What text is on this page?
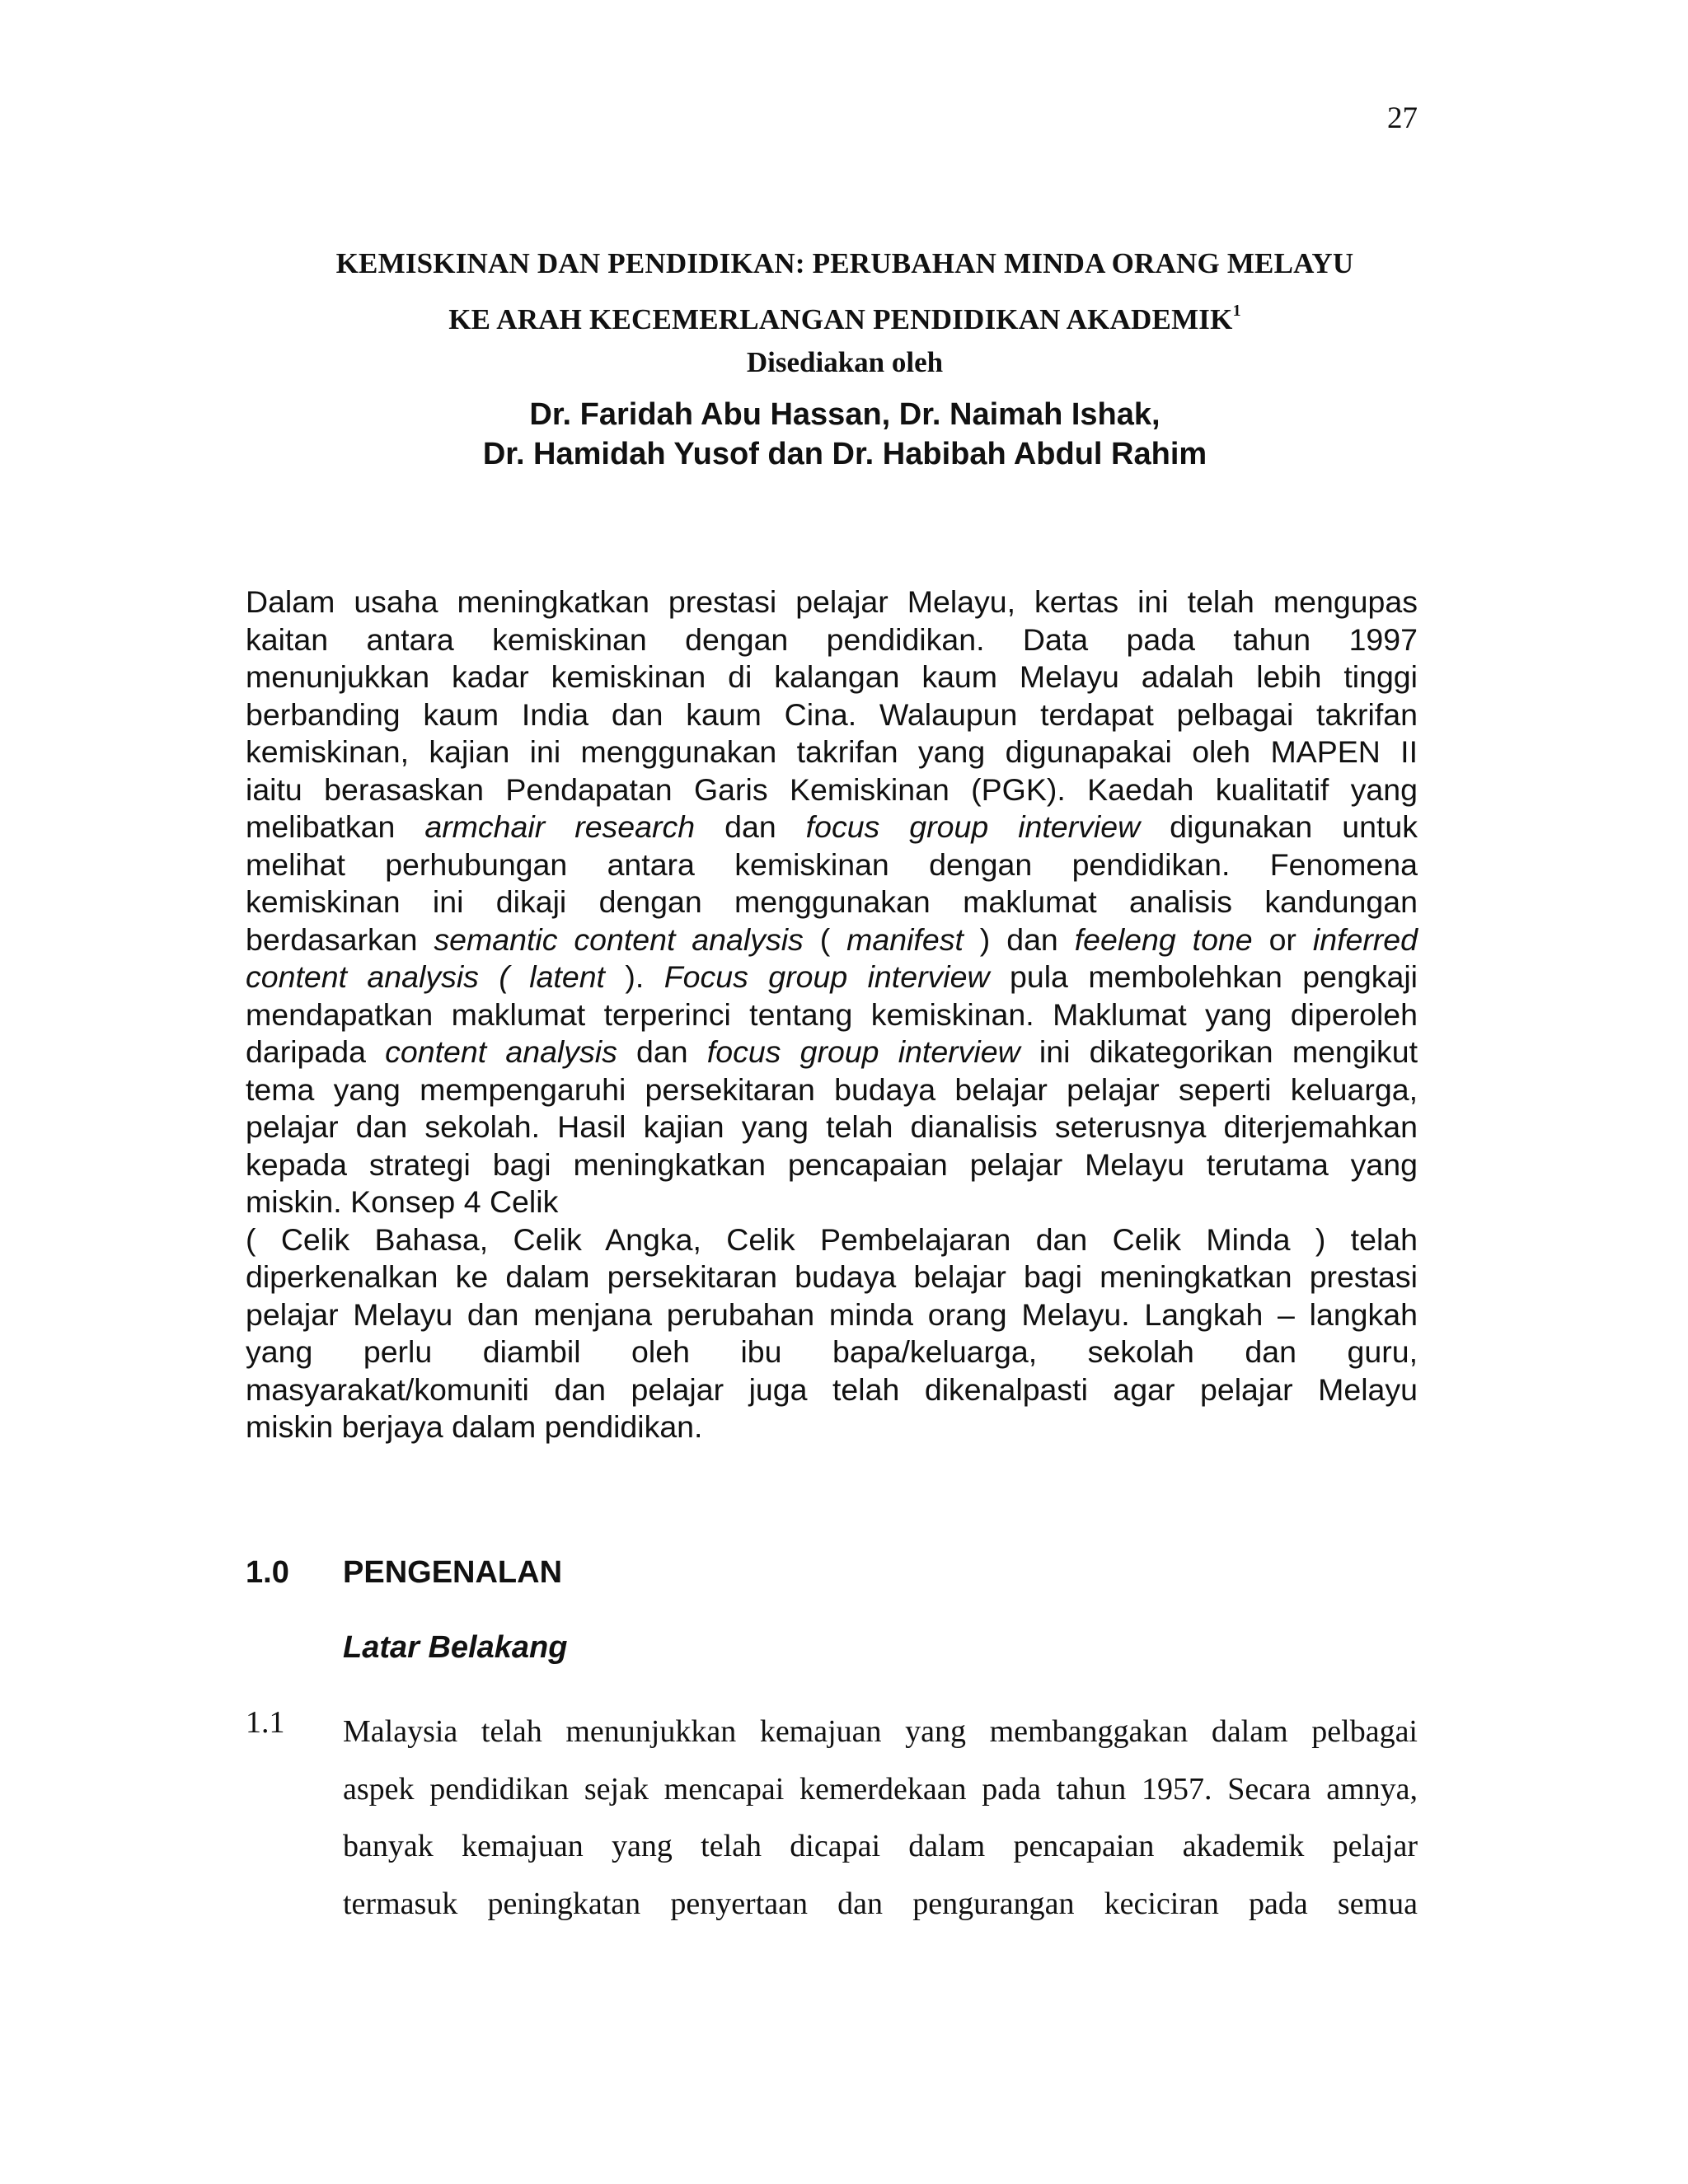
27
KEMISKINAN DAN PENDIDIKAN: PERUBAHAN MINDA ORANG MELAYU
KE ARAH KECEMERLANGAN PENDIDIKAN AKADEMIK$^1$
Disediakan oleh
Dr. Faridah Abu Hassan, Dr. Naimah Ishak,
Dr. Hamidah Yusof dan Dr. Habibah Abdul Rahim
Dalam usaha meningkatkan prestasi pelajar Melayu, kertas ini telah mengupas
kaitan antara kemiskinan dengan pendidikan. Data pada tahun 1997
menunjukkan kadar kemiskinan di kalangan kaum Melayu adalah lebih tinggi
berbanding kaum India dan kaum Cina. Walaupun terdapat pelbagai takrifan
kemiskinan, kajian ini menggunakan takrifan yang digunapakai oleh MAPEN II
iaitu berasaskan Pendapatan Garis Kemiskinan (PGK). Kaedah kualitatif yang
melibatkan armchair research dan focus group interview digunakan untuk
melihat perhubungan antara kemiskinan dengan pendidikan. Fenomena
kemiskinan ini dikaji dengan menggunakan maklumat analisis kandungan
berdasarkan semantic content analysis ( manifest ) dan feeleng tone or inferred
content analysis ( latent ). Focus group interview pula membolehkan pengkaji
mendapatkan maklumat terperinci tentang kemiskinan. Maklumat yang diperoleh
daripada content analysis dan focus group interview ini dikategorikan mengikut
tema yang mempengaruhi persekitaran budaya belajar pelajar seperti keluarga,
pelajar dan sekolah. Hasil kajian yang telah dianalisis seterusnya diterjemahkan
kepada strategi bagi meningkatkan pencapaian pelajar Melayu terutama yang
miskin. Konsep 4 Celik
( Celik Bahasa, Celik Angka, Celik Pembelajaran dan Celik Minda ) telah
diperkenalkan ke dalam persekitaran budaya belajar bagi meningkatkan prestasi
pelajar Melayu dan menjana perubahan minda orang Melayu. Langkah – langkah
yang perlu diambil oleh ibu bapa/keluarga, sekolah dan guru,
masyarakat/komuniti dan pelajar juga telah dikenalpasti agar pelajar Melayu
miskin berjaya dalam pendidikan.
1.0 PENGENALAN
Latar Belakang
1.1 Malaysia telah menunjukkan kemajuan yang membanggakan dalam pelbagai
aspek pendidikan sejak mencapai kemerdekaan pada tahun 1957. Secara amnya,
banyak kemajuan yang telah dicapai dalam pencapaian akademik pelajar
termasuk peningkatan penyertaan dan pengurangan keciciran pada semua
